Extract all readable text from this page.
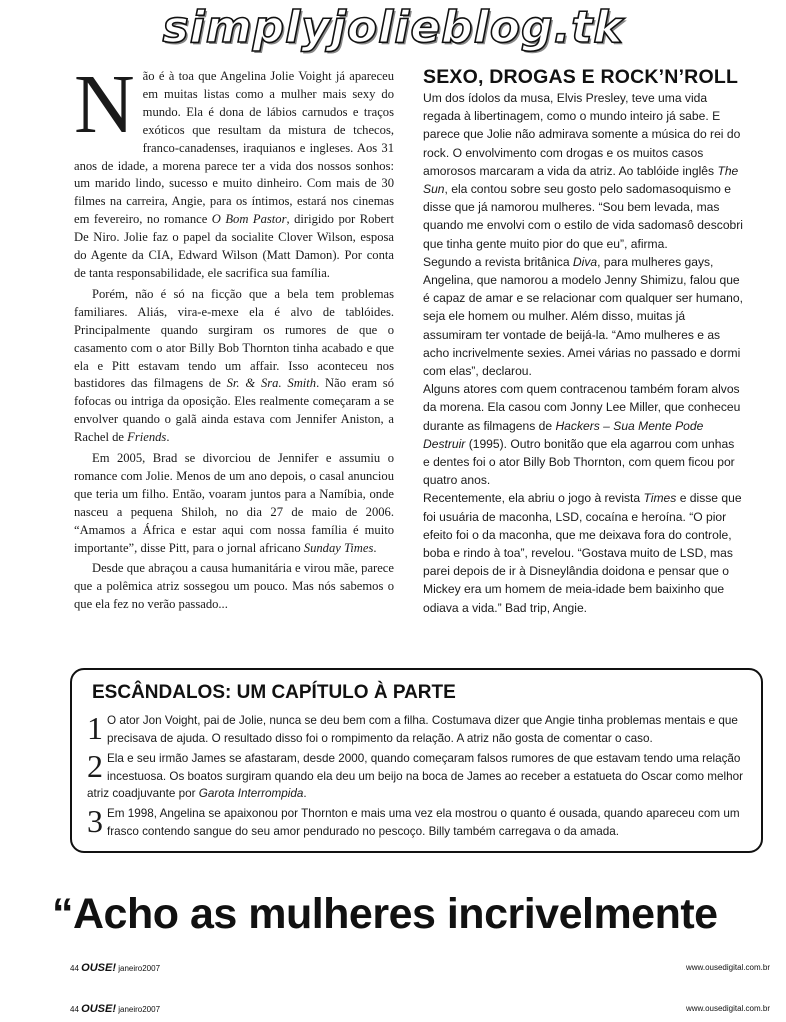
simplyjolieblog.tk

Não é à toa que Angelina Jolie Voight já apareceu em muitas listas como a mulher mais sexy do mundo. Ela é dona de lábios carnudos e traços exóticos que resultam da mistura de tchecos, franco-canadenses, iraquianos e ingleses. Aos 31 anos de idade, a morena parece ter a vida dos nossos sonhos: um marido lindo, sucesso e muito dinheiro. Com mais de 30 filmes na carreira, Angie, para os íntimos, estará nos cinemas em fevereiro, no romance O Bom Pastor, dirigido por Robert De Niro. Jolie faz o papel da socialite Clover Wilson, esposa do Agente da CIA, Edward Wilson (Matt Damon). Por conta de tanta responsabilidade, ele sacrifica sua família.

Porém, não é só na ficção que a bela tem problemas familiares. Aliás, vira-e-mexe ela é alvo de tablóides. Principalmente quando surgiram os rumores de que o casamento com o ator Billy Bob Thornton tinha acabado e que ela e Pitt estavam tendo um affair. Isso aconteceu nos bastidores das filmagens de Sr. & Sra. Smith. Não eram só fofocas ou intriga da oposição. Eles realmente começaram a se envolver quando o galã ainda estava com Jennifer Aniston, a Rachel de Friends.

Em 2005, Brad se divorciou de Jennifer e assumiu o romance com Jolie. Menos de um ano depois, o casal anunciou que teria um filho. Então, voaram juntos para a Namíbia, onde nasceu a pequena Shiloh, no dia 27 de maio de 2006. “Amamos a África e estar aqui com nossa família é muito importante”, disse Pitt, para o jornal africano Sunday Times.

Desde que abraçou a causa humanitária e virou mãe, parece que a polêmica atriz sossegou um pouco. Mas nós sabemos o que ela fez no verão passado...

SEXO, DROGAS E ROCK’N’ROLL

Um dos ídolos da musa, Elvis Presley, teve uma vida regada à libertinagem, como o mundo inteiro já sabe. E parece que Jolie não admirava somente a música do rei do rock. O envolvimento com drogas e os muitos casos amorosos marcaram a vida da atriz. Ao tablóide inglês The Sun, ela contou sobre seu gosto pelo sadomasoquismo e disse que já namorou mulheres. “Sou bem levada, mas quando me envolvi com o estilo de vida sadomasô descobri que tinha gente muito pior do que eu”, afirma.

Segundo a revista britânica Diva, para mulheres gays, Angelina, que namorou a modelo Jenny Shimizu, falou que é capaz de amar e se relacionar com qualquer ser humano, seja ele homem ou mulher. Além disso, muitas já assumiram ter vontade de beijá-la. “Amo mulheres e as acho incrivelmente sexies. Amei várias no passado e dormi com elas”, declarou.

Alguns atores com quem contracenou também foram alvos da morena. Ela casou com Jonny Lee Miller, que conheceu durante as filmagens de Hackers – Sua Mente Pode Destruir (1995). Outro bonitão que ela agarrou com unhas e dentes foi o ator Billy Bob Thornton, com quem ficou por quatro anos.

Recentemente, ela abriu o jogo à revista Times e disse que foi usuária de maconha, LSD, cocaína e heroína. “O pior efeito foi o da maconha, que me deixava fora do controle, boba e rindo à toa”, revelou. “Gostava muito de LSD, mas parei depois de ir à Disneylândia doidona e pensar que o Mickey era um homem de meia-idade bem baixinho que odiava a vida.” Bad trip, Angie.

ESCÂNDALOS: UM CAPÍTULO À PARTE
1 O ator Jon Voight, pai de Jolie, nunca se deu bem com a filha. Costumava dizer que Angie tinha problemas mentais e que precisava de ajuda. O resultado disso foi o rompimento da relação. A atriz não gosta de comentar o caso.
2 Ela e seu irmão James se afastaram, desde 2000, quando começaram falsos rumores de que estavam tendo uma relação incestuosa. Os boatos surgiram quando ela deu um beijo na boca de James ao receber a estatueta do Oscar como melhor atriz coadjuvante por Garota Interrompida.
3 Em 1998, Angelina se apaixonou por Thornton e mais uma vez ela mostrou o quanto é ousada, quando apareceu com um frasco contendo sangue do seu amor pendurado no pescoço. Billy também carregava o da amada.
“Acho as mulheres incrivelmente
44 OUSE! janeiro2007	www.ousedigital.com.br
44 OUSE! janeiro2007	www.ousedigital.com.br
